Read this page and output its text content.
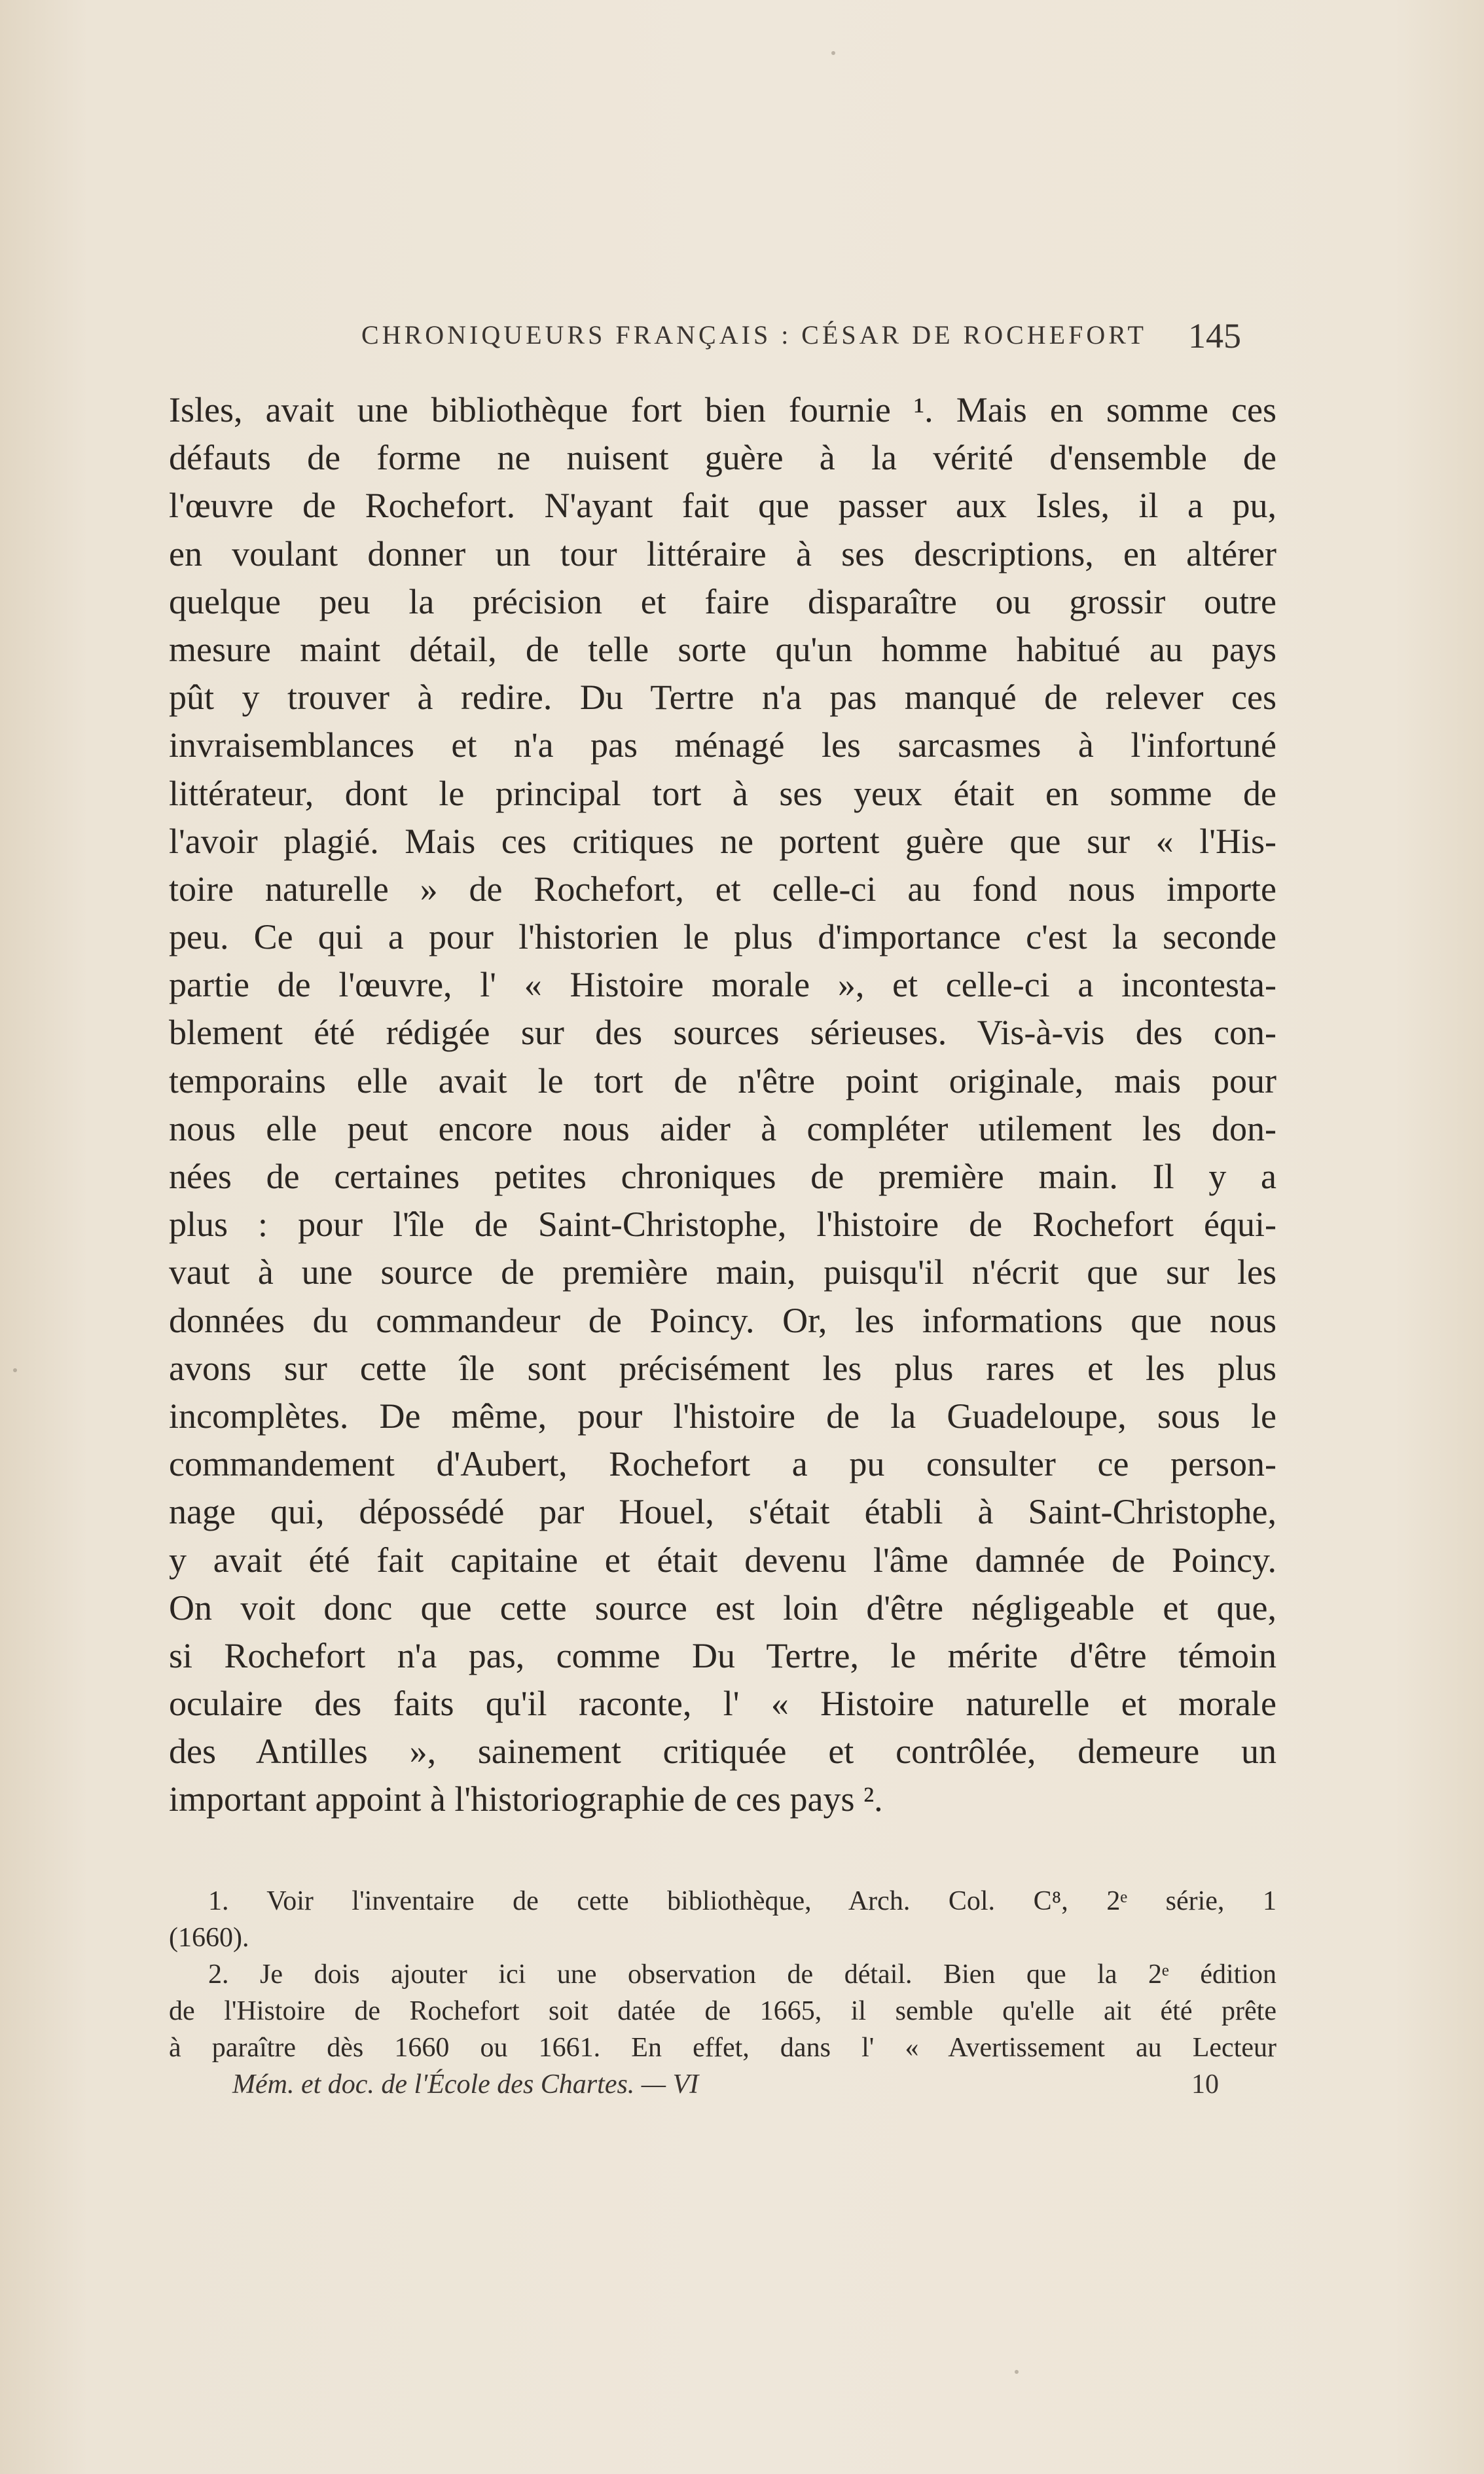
CHRONIQUEURS FRANÇAIS : CÉSAR DE ROCHEFORT 145
Isles, avait une bibliothèque fort bien fournie ¹. Mais en somme ces
défauts de forme ne nuisent guère à la vérité d'ensemble de
l'œuvre de Rochefort. N'ayant fait que passer aux Isles, il a pu,
en voulant donner un tour littéraire à ses descriptions, en altérer
quelque peu la précision et faire disparaître ou grossir outre
mesure maint détail, de telle sorte qu'un homme habitué au pays
pût y trouver à redire. Du Tertre n'a pas manqué de relever ces
invraisemblances et n'a pas ménagé les sarcasmes à l'infortuné
littérateur, dont le principal tort à ses yeux était en somme de
l'avoir plagié. Mais ces critiques ne portent guère que sur « l'His-
toire naturelle » de Rochefort, et celle-ci au fond nous importe
peu. Ce qui a pour l'historien le plus d'importance c'est la seconde
partie de l'œuvre, l' « Histoire morale », et celle-ci a incontesta-
blement été rédigée sur des sources sérieuses. Vis-à-vis des con-
temporains elle avait le tort de n'être point originale, mais pour
nous elle peut encore nous aider à compléter utilement les don-
nées de certaines petites chroniques de première main. Il y a
plus : pour l'île de Saint-Christophe, l'histoire de Rochefort équi-
vaut à une source de première main, puisqu'il n'écrit que sur les
données du commandeur de Poincy. Or, les informations que nous
avons sur cette île sont précisément les plus rares et les plus
incomplètes. De même, pour l'histoire de la Guadeloupe, sous le
commandement d'Aubert, Rochefort a pu consulter ce person-
nage qui, dépossédé par Houel, s'était établi à Saint-Christophe,
y avait été fait capitaine et était devenu l'âme damnée de Poincy.
On voit donc que cette source est loin d'être négligeable et que,
si Rochefort n'a pas, comme Du Tertre, le mérite d'être témoin
oculaire des faits qu'il raconte, l' « Histoire naturelle et morale
des Antilles », sainement critiquée et contrôlée, demeure un
important appoint à l'historiographie de ces pays ².
1. Voir l'inventaire de cette bibliothèque, Arch. Col. C⁸, 2ᵉ série, 1
(1660).
2. Je dois ajouter ici une observation de détail. Bien que la 2ᵉ édition
de l'Histoire de Rochefort soit datée de 1665, il semble qu'elle ait été prête
à paraître dès 1660 ou 1661. En effet, dans l' « Avertissement au Lecteur
Mém. et doc. de l'École des Chartes. — VI	10
